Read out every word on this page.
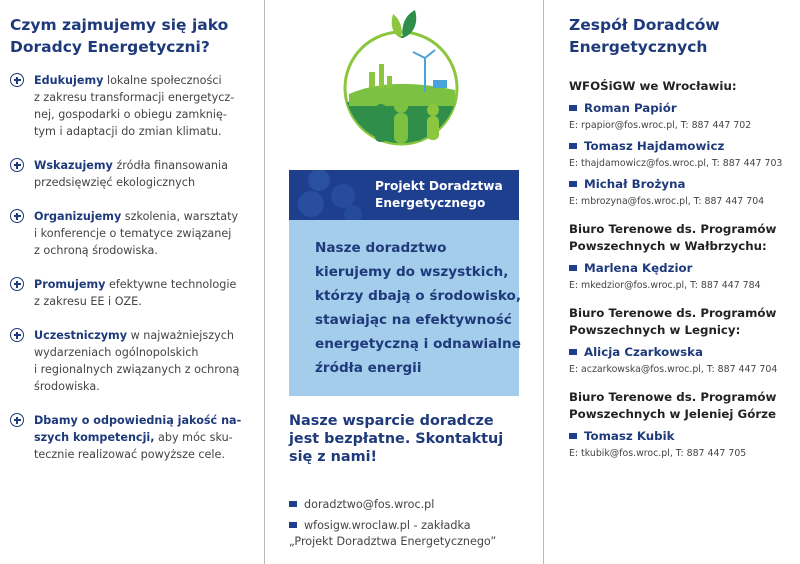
Czym zajmujemy się jako
Doradcy Energetyczni?
Edukujemy lokalne społeczności
z zakresu transformacji energetycz-
nej, gospodarki o obiegu zamknię-
tym i adaptacji do zmian klimatu.
Wskazujemy źródła finansowania
przedsięwzięć ekologicznych
Organizujemy szkolenia, warsztaty
i konferencje o tematyce związanej
z ochroną środowiska.
Promujemy efektywne technologie
z zakresu EE i OZE.
Uczestniczymy w najważniejszych
wydarzeniach ogólnopolskich
i regionalnych związanych z ochroną
środowiska.
Dbamy o odpowiednią jakość na-
szych kompetencji, aby móc sku-
tecznie realizować powyższe cele.
Projekt Doradztwa
Energetycznego
Nasze doradztwo
kierujemy do wszystkich,
którzy dbają o środowisko,
stawiając na efektywność
energetyczną i odnawialne
źródła energii
Nasze wsparcie doradcze
jest bezpłatne. Skontaktuj
się z nami!
doradztwo@fos.wroc.pl
wfosigw.wroclaw.pl - zakładka
„Projekt Doradztwa Energetycznego”
Zespół Doradców
Energetycznych
WFOŚiGW we Wrocławiu:
Roman Papiór
E: rpapior@fos.wroc.pl, T: 887 447 702
Tomasz Hajdamowicz
E: thajdamowicz@fos.wroc.pl, T: 887 447 703
Michał Brożyna
E: mbrozyna@fos.wroc.pl, T: 887 447 704
Biuro Terenowe ds. Programów
Powszechnych w Wałbrzychu:
Marlena Kędzior
E: mkedzior@fos.wroc.pl, T: 887 447 784
Biuro Terenowe ds. Programów
Powszechnych w Legnicy:
Alicja Czarkowska
E: aczarkowska@fos.wroc.pl, T: 887 447 704
Biuro Terenowe ds. Programów
Powszechnych w Jeleniej Górze
Tomasz Kubik
E: tkubik@fos.wroc.pl, T: 887 447 705
